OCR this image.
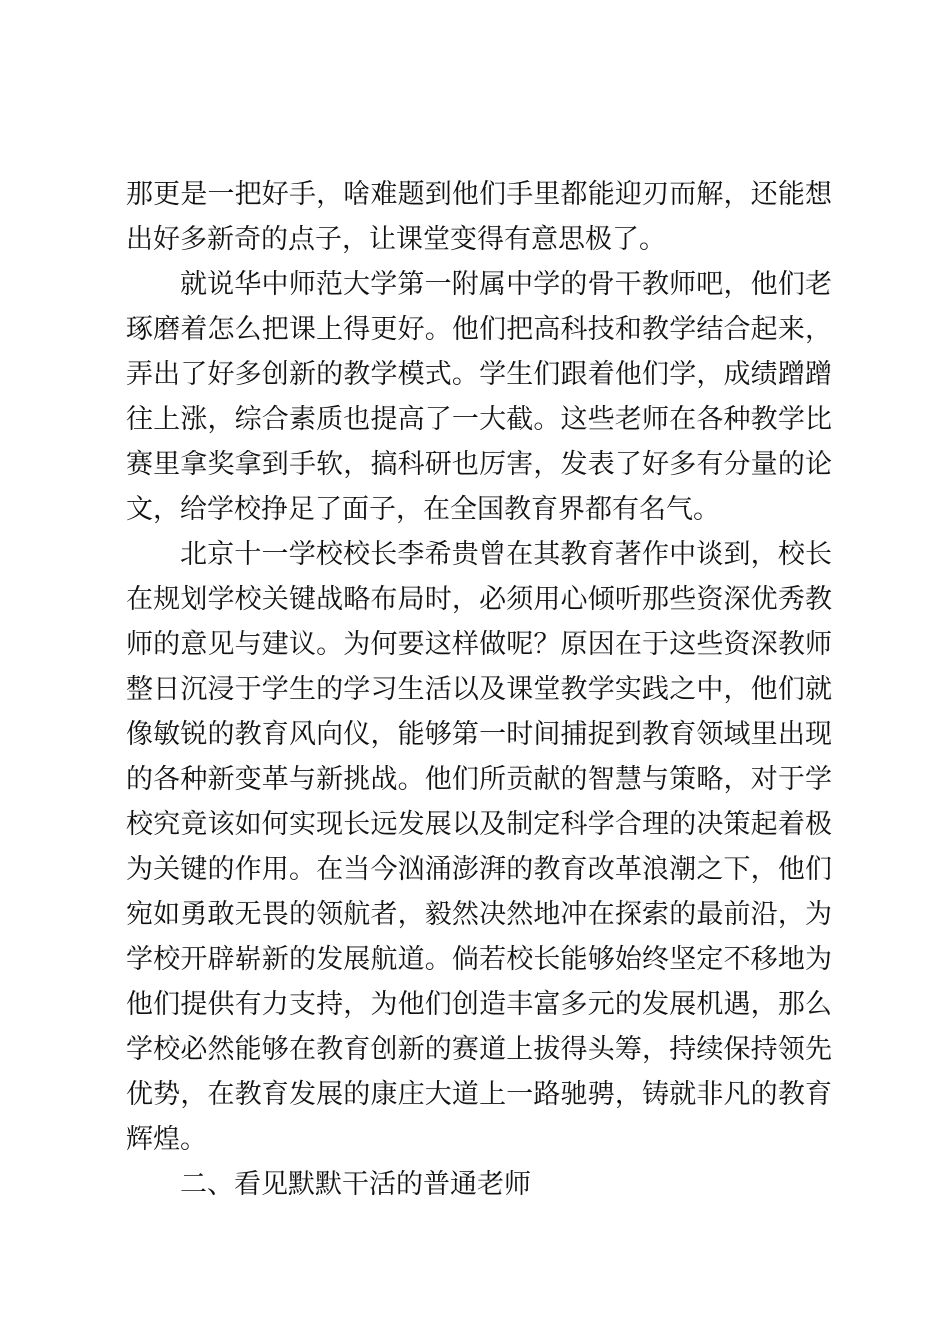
那更是一把好手，啥难题到他们手里都能迎刃而解，还能想出好多新奇的点子，让课堂变得有意思极了。

就说华中师范大学第一附属中学的骨干教师吧，他们老琢磨着怎么把课上得更好。他们把高科技和教学结合起来，弄出了好多创新的教学模式。学生们跟着他们学，成绩蹭蹭往上涨，综合素质也提高了一大截。这些老师在各种教学比赛里拿奖拿到手软，搞科研也厉害，发表了好多有分量的论文，给学校挣足了面子，在全国教育界都有名气。

北京十一学校校长李希贵曾在其教育著作中谈到，校长在规划学校关键战略布局时，必须用心倾听那些资深优秀教师的意见与建议。为何要这样做呢？原因在于这些资深教师整日沉浸于学生的学习生活以及课堂教学实践之中，他们就像敏锐的教育风向仪，能够第一时间捕捉到教育领域里出现的各种新变革与新挑战。他们所贡献的智慧与策略，对于学校究竟该如何实现长远发展以及制定科学合理的决策起着极为关键的作用。在当今汹涌澎湃的教育改革浪潮之下，他们宛如勇敢无畏的领航者，毅然决然地冲在探索的最前沿，为学校开辟崭新的发展航道。倘若校长能够始终坚定不移地为他们提供有力支持，为他们创造丰富多元的发展机遇，那么学校必然能够在教育创新的赛道上拔得头筹，持续保持领先优势，在教育发展的康庄大道上一路驰骋，铸就非凡的教育辉煌。

二、看见默默干活的普通老师
